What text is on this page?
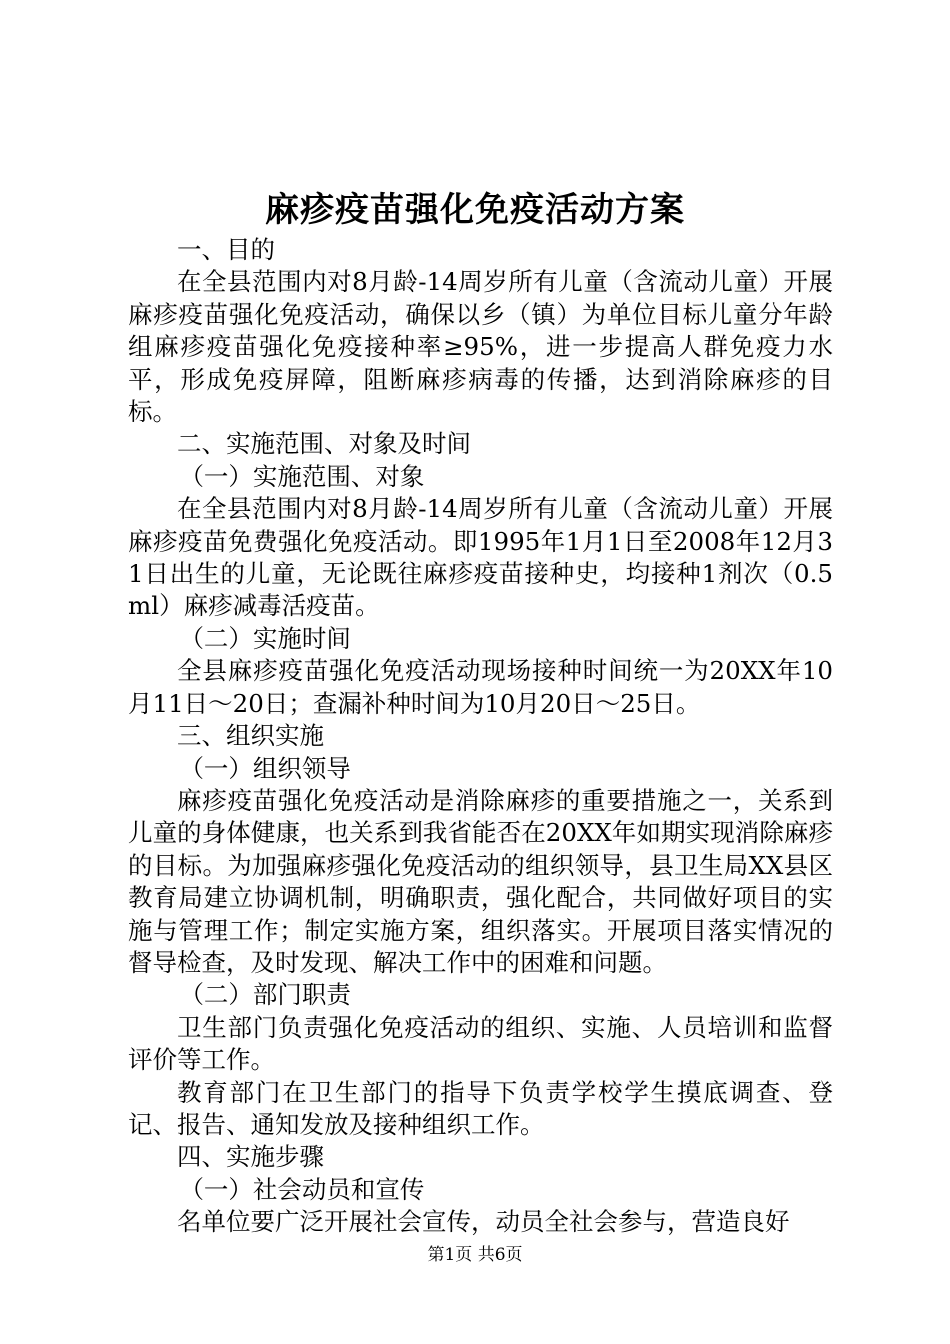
麻疹疫苗强化免疫活动方案

一、目的

在全县范围内对8月龄-14周岁所有儿童（含流动儿童）开展麻疹疫苗强化免疫活动，确保以乡（镇）为单位目标儿童分年龄组麻疹疫苗强化免疫接种率≥95%，进一步提高人群免疫力水平，形成免疫屏障，阻断麻疹病毒的传播，达到消除麻疹的目标。

二、实施范围、对象及时间

（一）实施范围、对象

在全县范围内对8月龄-14周岁所有儿童（含流动儿童）开展麻疹疫苗免费强化免疫活动。即1995年1月1日至2008年12月31日出生的儿童，无论既往麻疹疫苗接种史，均接种1剂次（0.5ml）麻疹减毒活疫苗。

（二）实施时间

全县麻疹疫苗强化免疫活动现场接种时间统一为20XX年10月11日～20日；查漏补种时间为10月20日～25日。

三、组织实施

（一）组织领导

麻疹疫苗强化免疫活动是消除麻疹的重要措施之一，关系到儿童的身体健康，也关系到我省能否在20XX年如期实现消除麻疹的目标。为加强麻疹强化免疫活动的组织领导，县卫生局XX县区教育局建立协调机制，明确职责，强化配合，共同做好项目的实施与管理工作；制定实施方案，组织落实。开展项目落实情况的督导检查，及时发现、解决工作中的困难和问题。

（二）部门职责

卫生部门负责强化免疫活动的组织、实施、人员培训和监督评价等工作。

教育部门在卫生部门的指导下负责学校学生摸底调查、登记、报告、通知发放及接种组织工作。

四、实施步骤

（一）社会动员和宣传

名单位要广泛开展社会宣传，动员全社会参与，营造良好

第1页 共6页
